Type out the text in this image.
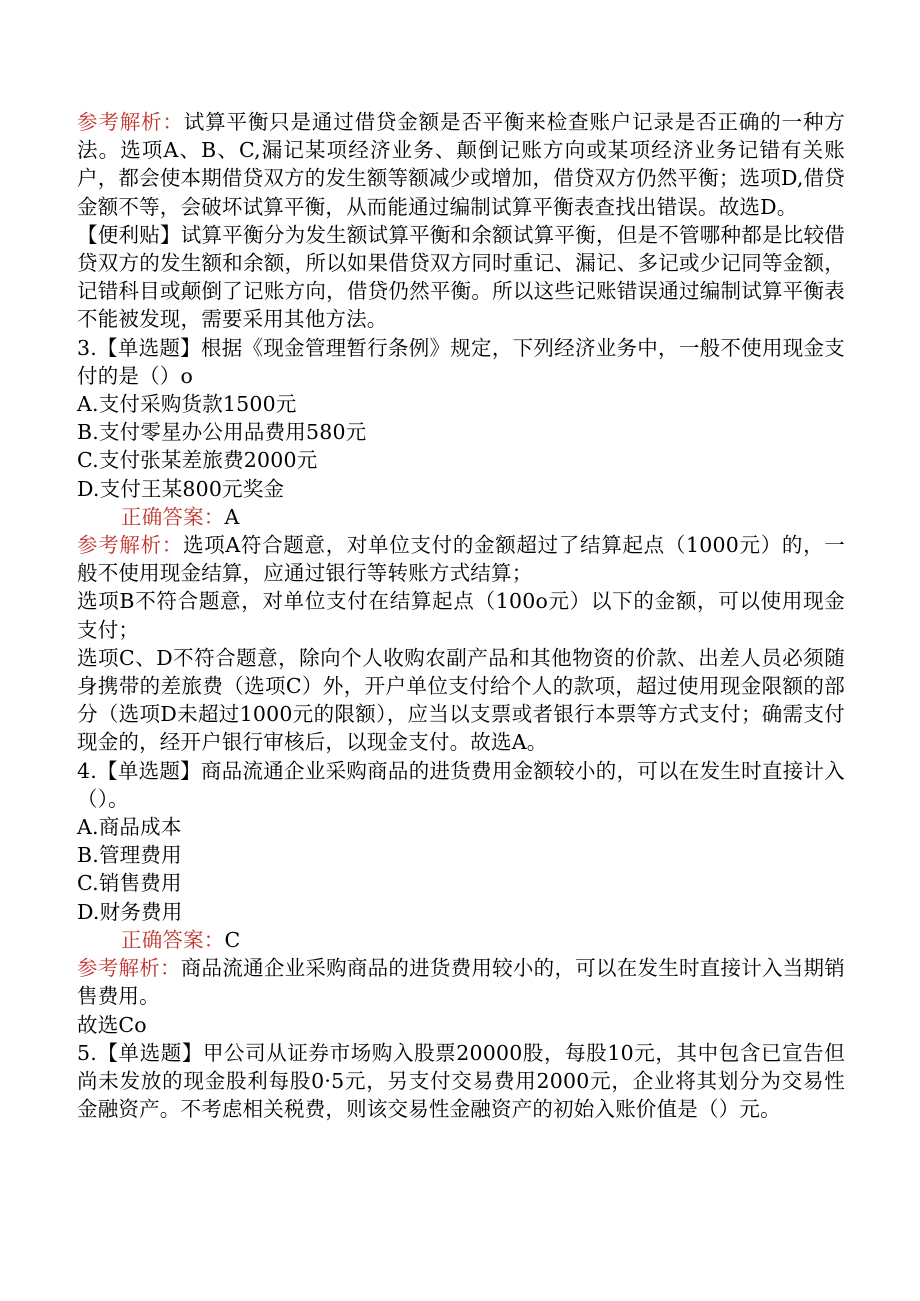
参考解析：试算平衡只是通过借贷金额是否平衡来检查账户记录是否正确的一种方法。选项A、B、C,漏记某项经济业务、颠倒记账方向或某项经济业务记错有关账户，都会使本期借贷双方的发生额等额减少或增加，借贷双方仍然平衡；选项D,借贷金额不等，会破坏试算平衡，从而能通过编制试算平衡表查找出错误。故选D。

【便利贴】试算平衡分为发生额试算平衡和余额试算平衡，但是不管哪种都是比较借贷双方的发生额和余额，所以如果借贷双方同时重记、漏记、多记或少记同等金额，记错科目或颠倒了记账方向，借贷仍然平衡。所以这些记账错误通过编制试算平衡表不能被发现，需要采用其他方法。

3.【单选题】根据《现金管理暂行条例》规定，下列经济业务中，一般不使用现金支付的是（）o

A.支付采购货款1500元

B.支付零星办公用品费用580元

C.支付张某差旅费2000元

D.支付王某800元奖金

正确答案：A

参考解析：选项A符合题意，对单位支付的金额超过了结算起点（1000元）的，一般不使用现金结算，应通过银行等转账方式结算；

选项B不符合题意，对单位支付在结算起点（100o元）以下的金额，可以使用现金支付；

选项C、D不符合题意，除向个人收购农副产品和其他物资的价款、出差人员必须随身携带的差旅费（选项C）外，开户单位支付给个人的款项，超过使用现金限额的部分（选项D未超过1000元的限额），应当以支票或者银行本票等方式支付；确需支付现金的，经开户银行审核后，以现金支付。故选A。

4.【单选题】商品流通企业采购商品的进货费用金额较小的，可以在发生时直接计入（）。

A.商品成本

B.管理费用

C.销售费用

D.财务费用

正确答案：C

参考解析：商品流通企业采购商品的进货费用较小的，可以在发生时直接计入当期销售费用。

故选Co

5.【单选题】甲公司从证券市场购入股票20000股，每股10元，其中包含已宣告但尚未发放的现金股利每股0·5元，另支付交易费用2000元，企业将其划分为交易性金融资产。不考虑相关税费，则该交易性金融资产的初始入账价值是（）元。
